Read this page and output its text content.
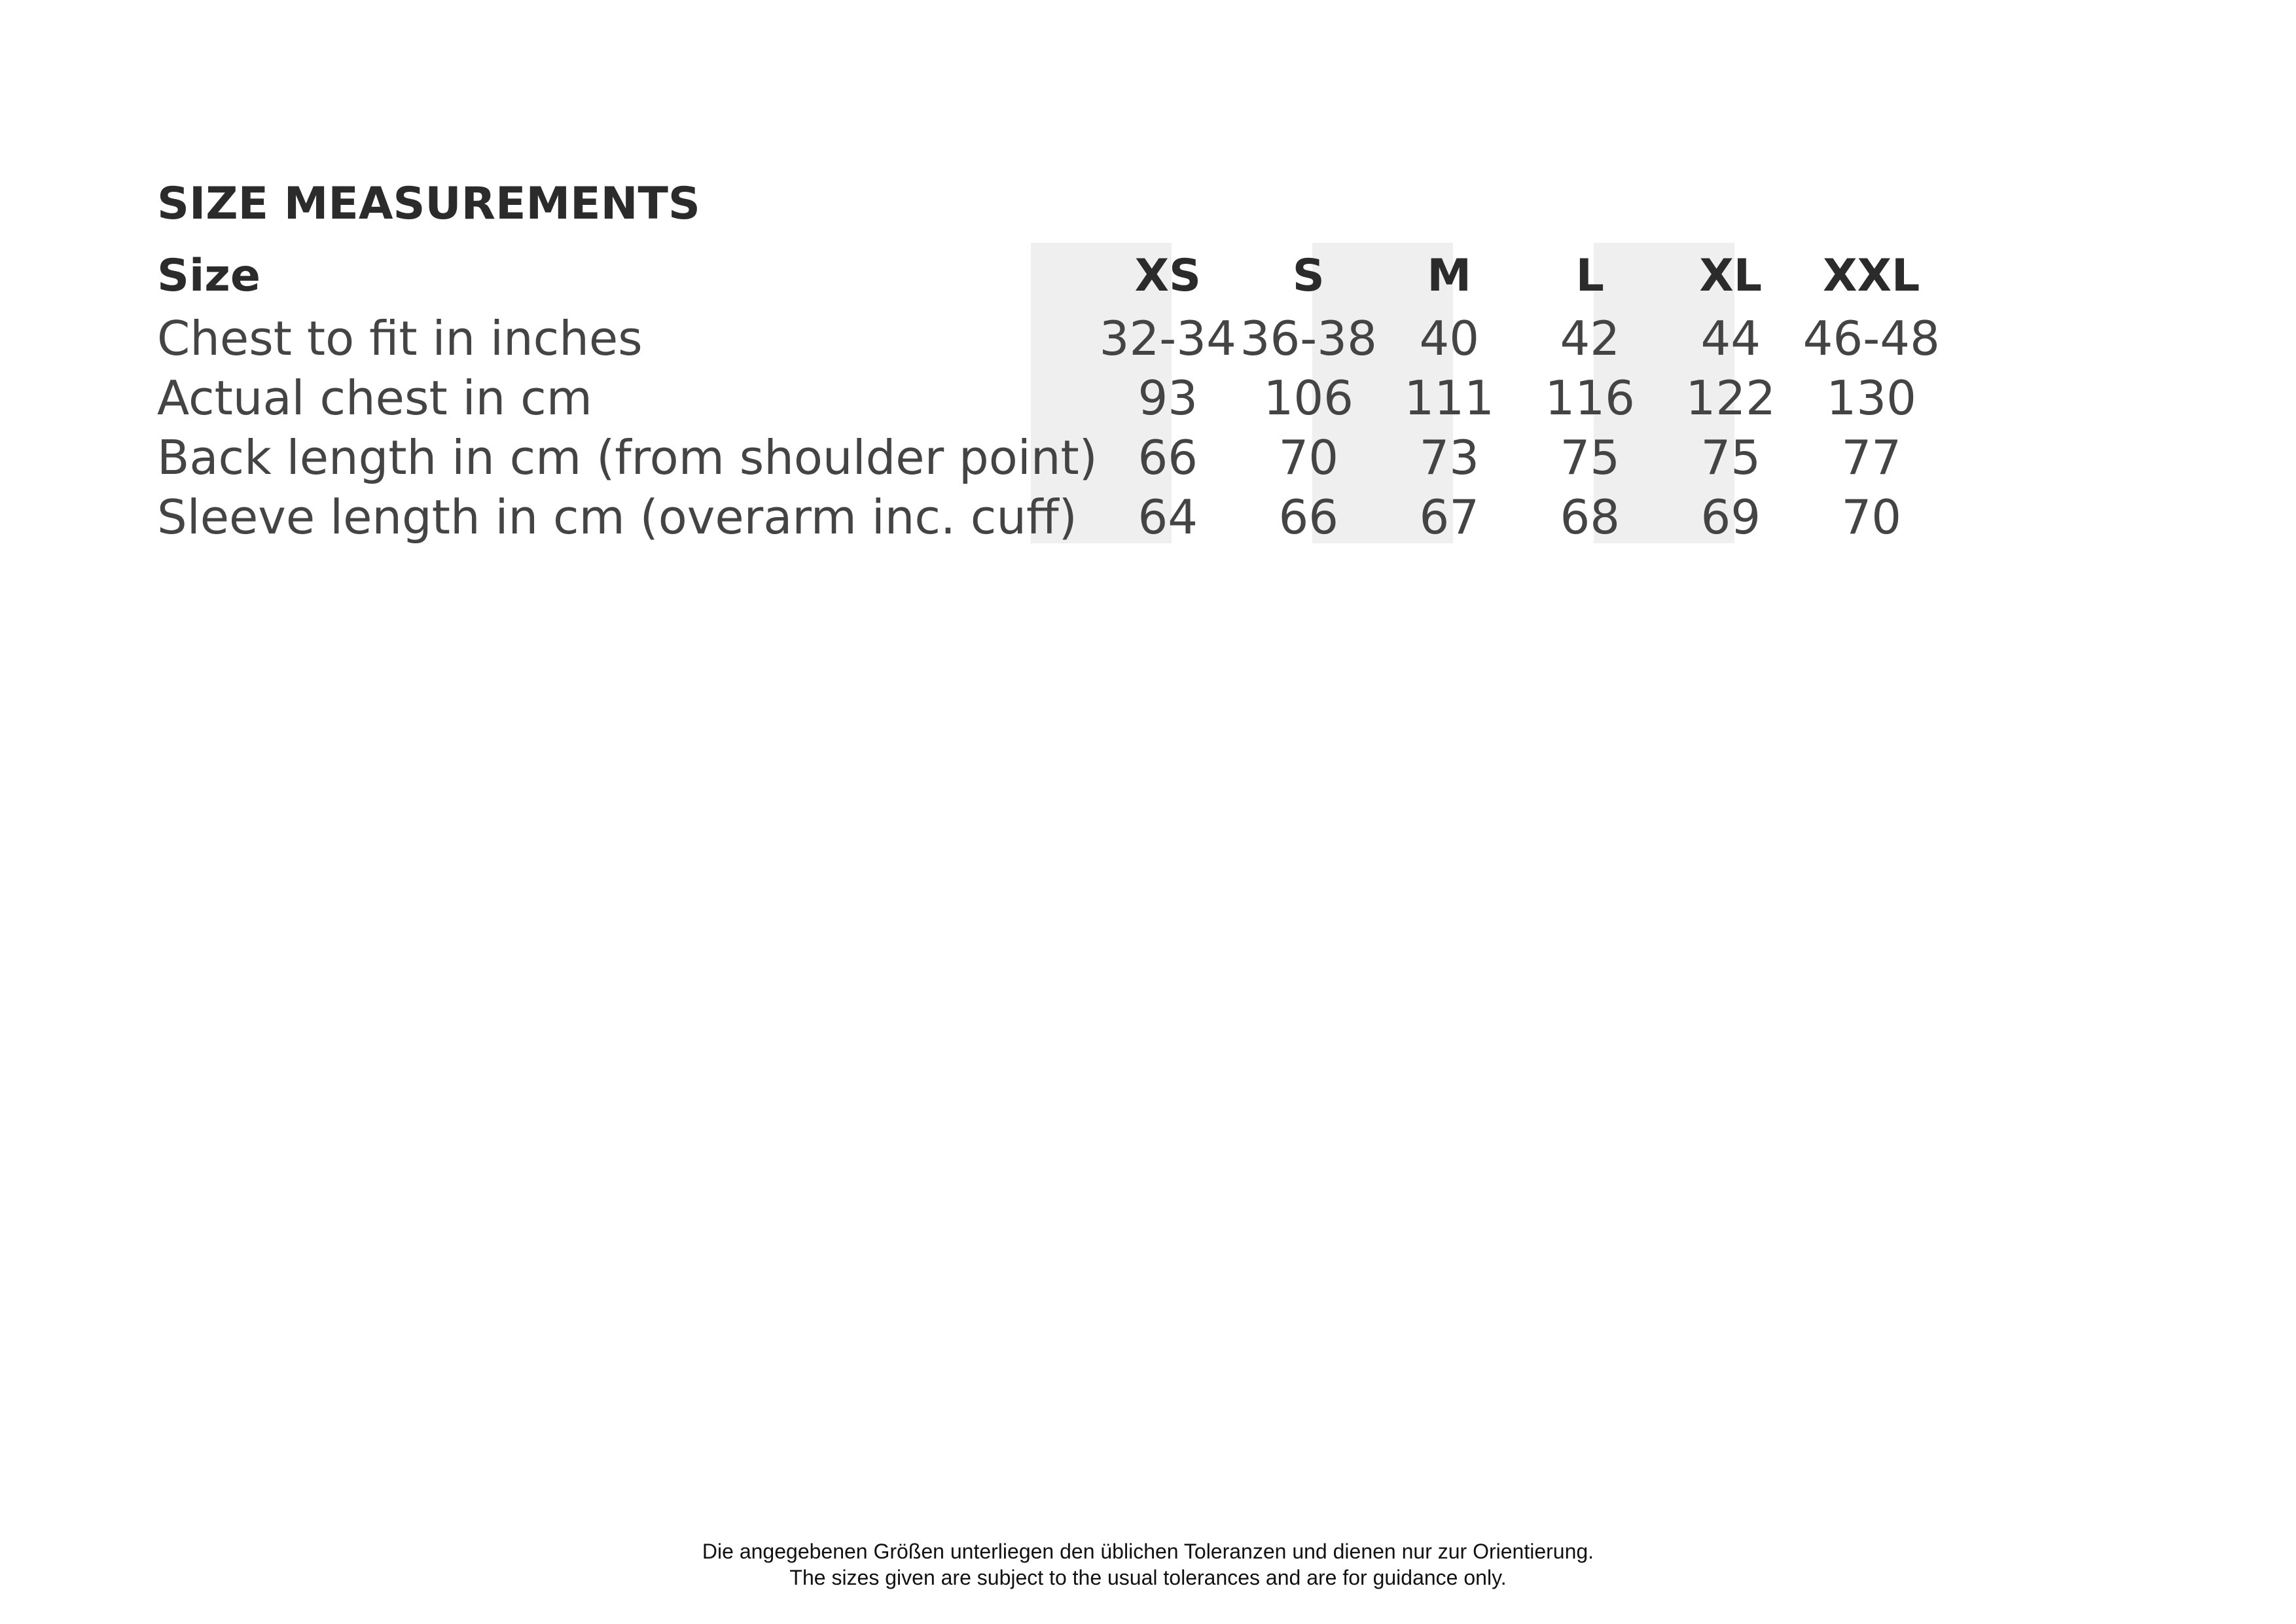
SIZE MEASUREMENTS
Size	XS	S	M	L	XL	XXL
Chest to fit in inches	32-34	36-38	40	42	44	46-48
Actual chest in cm	93	106	111	116	122	130
Back length in cm (from shoulder point)	66	70	73	75	75	77
Sleeve length in cm (overarm inc. cuff)	64	66	67	68	69	70
Die angegebenen Größen unterliegen den üblichen Toleranzen und dienen nur zur Orientierung.
The sizes given are subject to the usual tolerances and are for guidance only.
